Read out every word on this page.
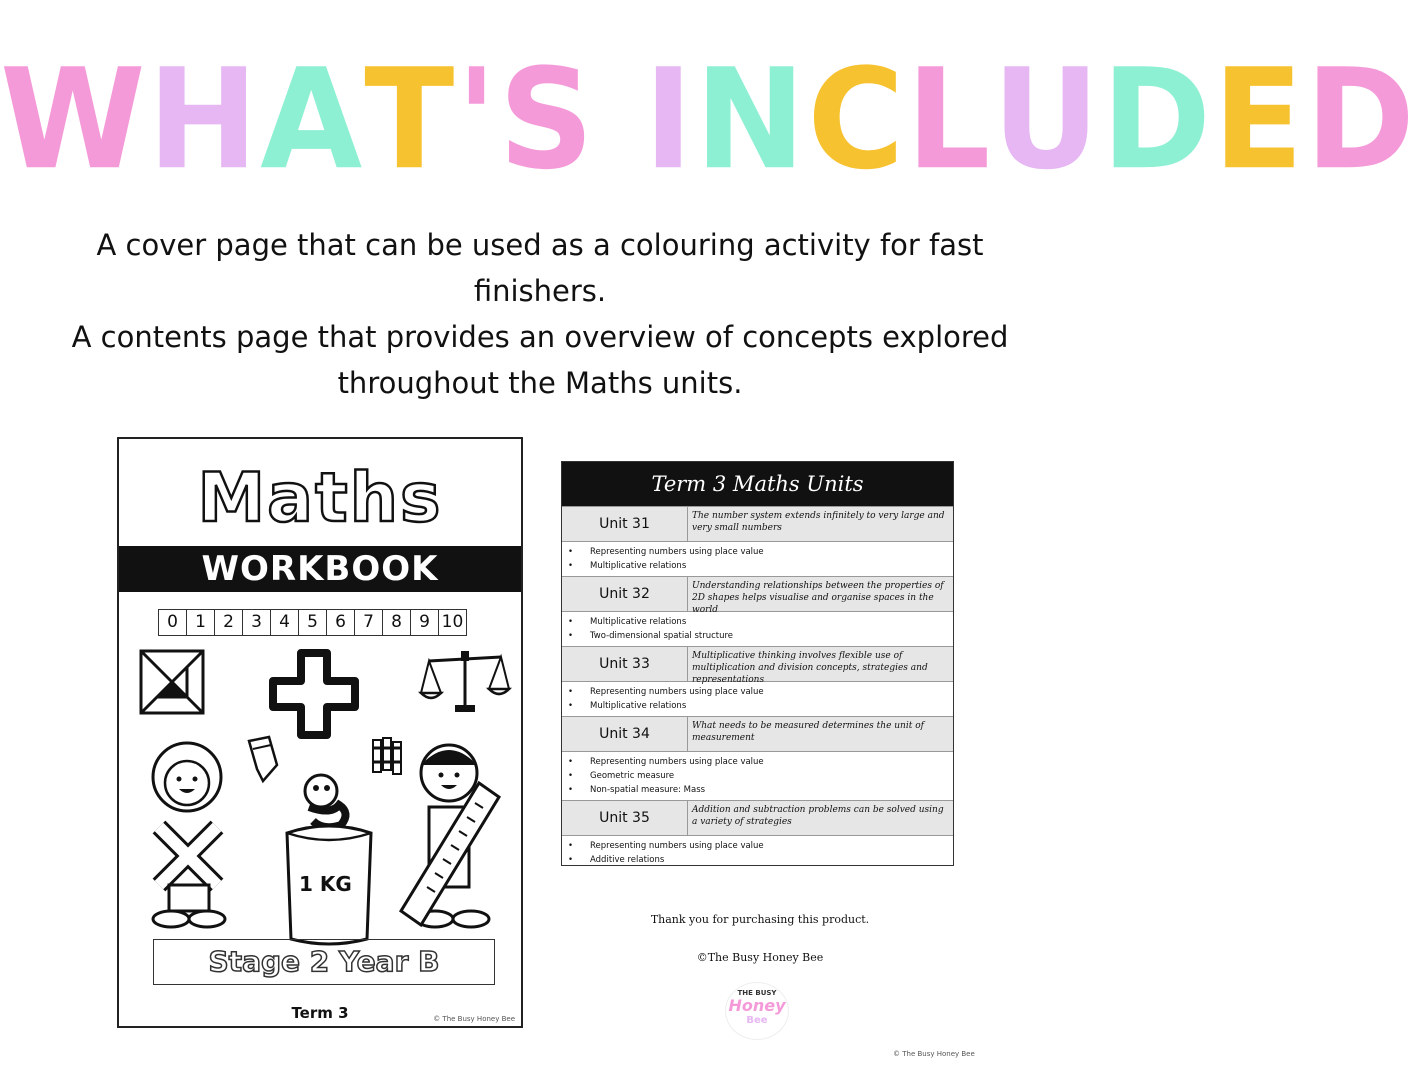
WHAT'S INCLUDED

A cover page that can be used as a colouring activity for fast finishers.

A contents page that provides an overview of concepts explored throughout the Maths units.

Maths
WORKBOOK
0	1	2	3	4	5	6	7	8	9 10
1 KG
Stage 2 Year B
Term 3	© The Busy Honey Bee
Term 3 Maths Units
Unit 31	The number system extends infinitely to very large and very small numbers
• Representing numbers using place value
• Multiplicative relations
Unit 32	Understanding relationships between the properties of 2D shapes helps visualise and organise spaces in the world
• Multiplicative relations
• Two-dimensional spatial structure
Unit 33	Multiplicative thinking involves flexible use of multiplication and division concepts, strategies and representations
• Representing numbers using place value
• Multiplicative relations
Unit 34	What needs to be measured determines the unit of measurement
• Representing numbers using place value
• Geometric measure
• Non-spatial measure: Mass
Unit 35	Addition and subtraction problems can be solved using a variety of strategies
• Representing numbers using place value
• Additive relations
Thank you for purchasing this product.
©The Busy Honey Bee
THE BUSY
Honey
Bee
© The Busy Honey Bee
